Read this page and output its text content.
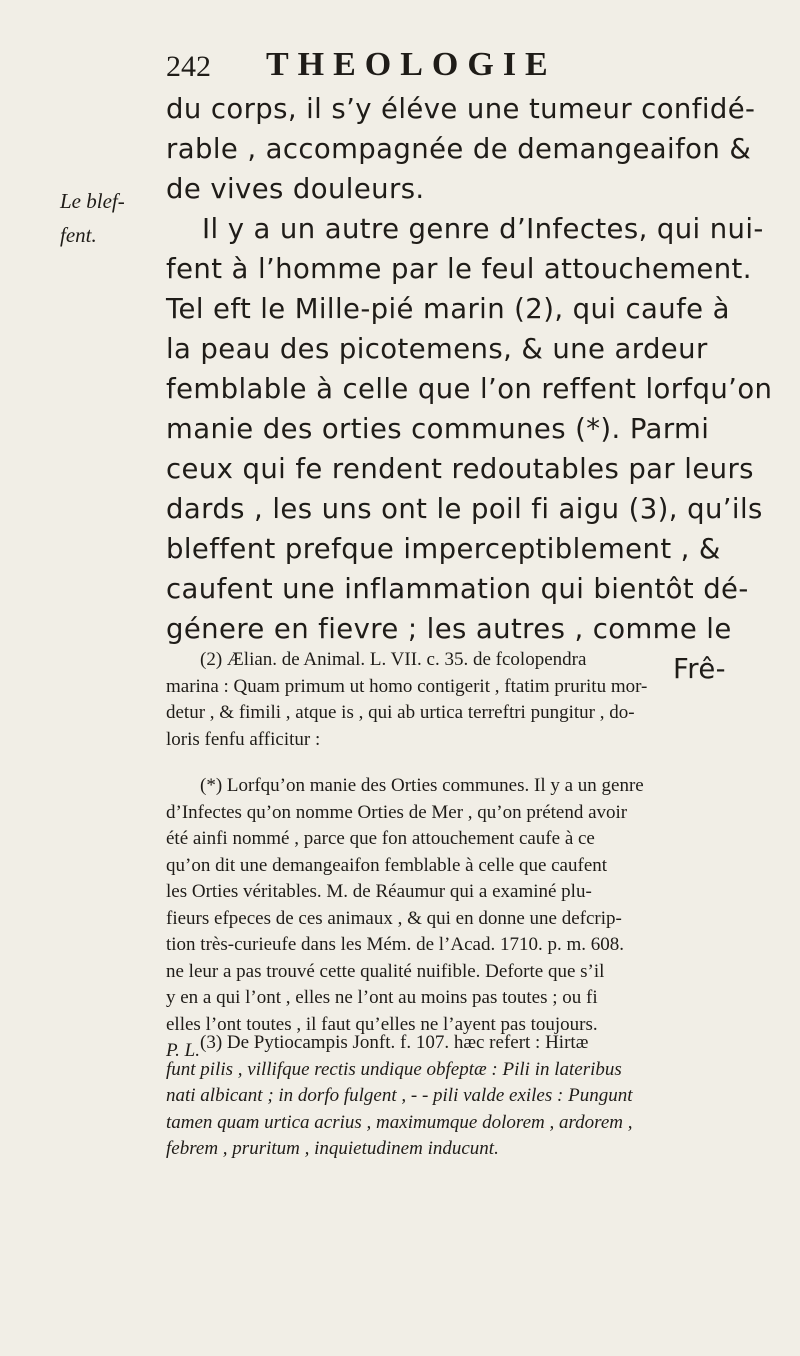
242 THEOLOGIE
Le blef-
fent.
du corps, il s’y éléve une tumeur confidé-
rable , accompagnée de demangeaifon &
de vives douleurs.
Il y a un autre genre d’Infectes, qui nui-
fent à l’homme par le feul attouchement.
Tel eft le Mille-pié marin (2), qui caufe à
la peau des picotemens, & une ardeur
femblable à celle que l’on reffent lorfqu’on
manie des orties communes (*). Parmi
ceux qui fe rendent redoutables par leurs
dards , les uns ont le poil fi aigu (3), qu’ils
bleffent prefque imperceptiblement , &
caufent une inflammation qui bientôt dé-
génere en fievre ; les autres , comme le
Frê-
(2) Ælian. de Animal. L. VII. c. 35. de fcolopendra
marina : Quam primum ut homo contigerit , ftatim pruritu mor-
detur , & fimili , atque is , qui ab urtica terreftri pungitur , do-
loris fenfu afficitur :
(*) Lorfqu’on manie des Orties communes. Il y a un genre
d’Infectes qu’on nomme Orties de Mer , qu’on prétend avoir
été ainfi nommé , parce que fon attouchement caufe à ce
qu’on dit une demangeaifon femblable à celle que caufent
les Orties véritables. M. de Réaumur qui a examiné plu-
fieurs efpeces de ces animaux , & qui en donne une defcrip-
tion très-curieufe dans les Mém. de l’Acad. 1710. p. m. 608.
ne leur a pas trouvé cette qualité nuifible. Deforte que s’il
y en a qui l’ont , elles ne l’ont au moins pas toutes ; ou fi
elles l’ont toutes , il faut qu’elles ne l’ayent pas toujours.
P. L. (3) De Pytiocampis Jonft. f. 107. hæc refert : Hirtæ
funt pilis , villifque rectis undique obfeptæ : Pili in lateribus
nati albicant ; in dorfo fulgent , - - pili valde exiles : Pungunt
tamen quam urtica acrius , maximumque dolorem , ardorem ,
febrem , pruritum , inquietudinem inducunt.
